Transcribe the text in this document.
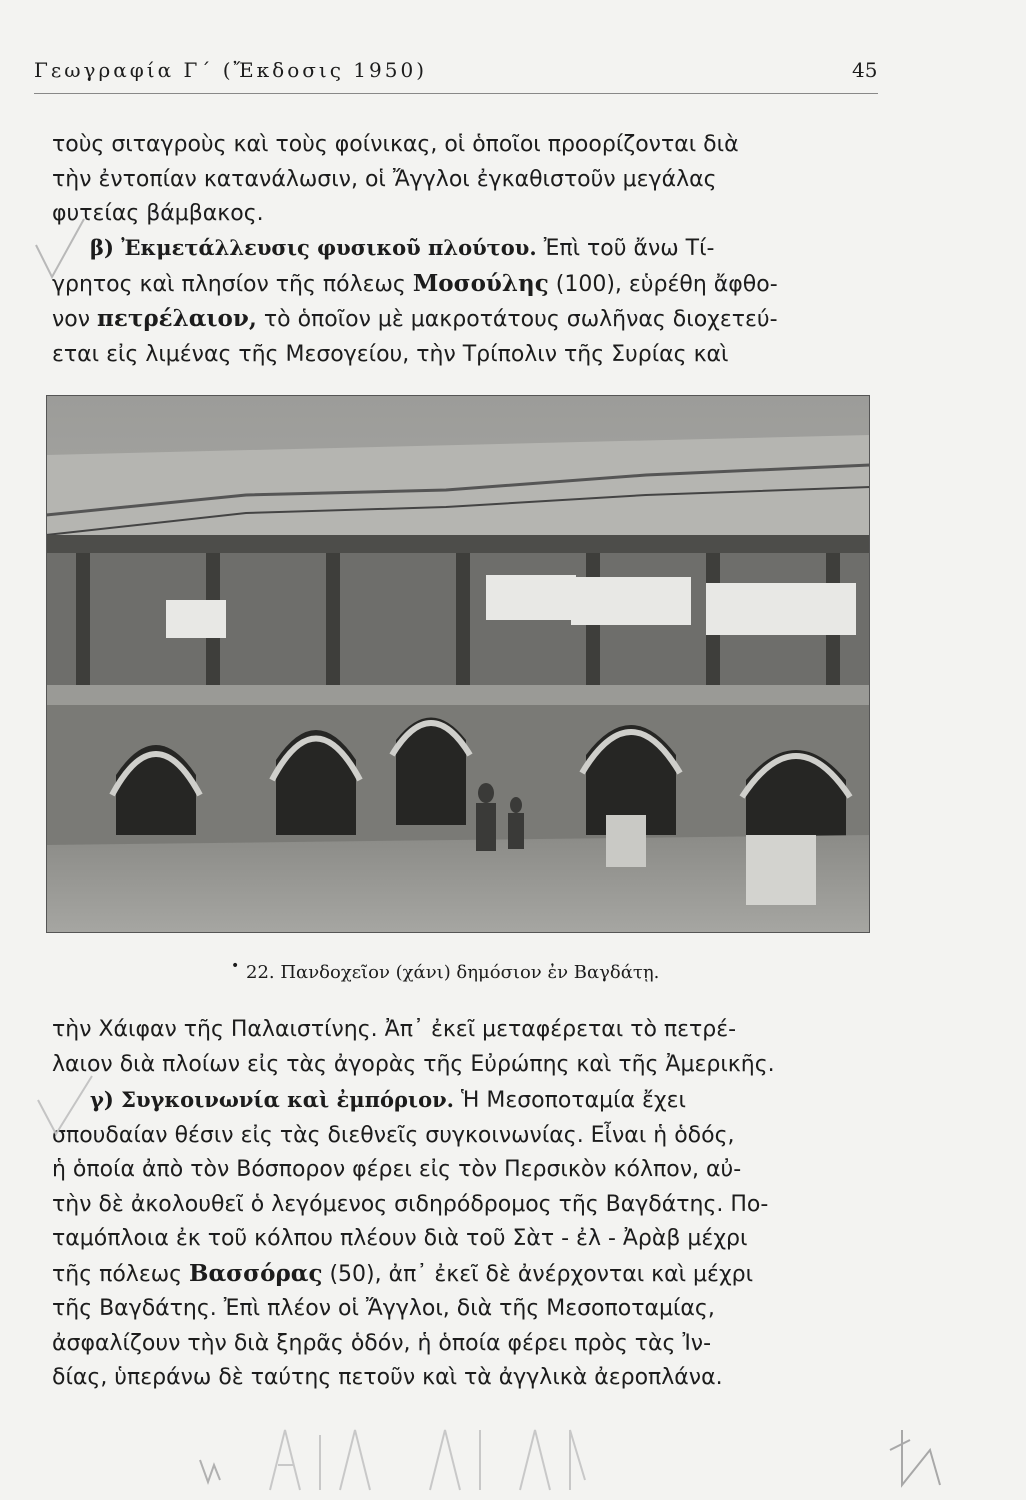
Γεωγραφία Γ΄ (Ἔκδοσις 1950)	45
τοὺς σιταγροὺς καὶ τοὺς φοίνικας, οἱ ὁποῖοι προορίζονται διὰ
τὴν ἐντοπίαν κατανάλωσιν, οἱ Ἄγγλοι ἐγκαθιστοῦν μεγάλας
φυτείας βάμβακος.
β) Ἐκμετάλλευσις φυσικοῦ πλούτου. Ἐπὶ τοῦ ἄνω Τί-
γρητος καὶ πλησίον τῆς πόλεως Μοσούλης (100), εὑρέθη ἄφθο-
νον πετρέλαιον, τὸ ὁποῖον μὲ μακροτάτους σωλῆνας διοχετεύ-
εται εἰς λιμένας τῆς Μεσογείου, τὴν Τρίπολιν τῆς Συρίας καὶ
• 22. Πανδοχεῖον (χάνι) δημόσιον ἐν Βαγδάτῃ.
τὴν Χάιφαν τῆς Παλαιστίνης. Ἀπ᾿ ἐκεῖ μεταφέρεται τὸ πετρέ-
λαιον διὰ πλοίων εἰς τὰς ἀγορὰς τῆς Εὐρώπης καὶ τῆς Ἀμερικῆς.
γ) Συγκοινωνία καὶ ἐμπόριον. Ἡ Μεσοποταμία ἔχει
σπουδαίαν θέσιν εἰς τὰς διεθνεῖς συγκοινωνίας. Εἶναι ἡ ὁδός,
ἡ ὁποία ἀπὸ τὸν Βόσπορον φέρει εἰς τὸν Περσικὸν κόλπον, αὐ-
τὴν δὲ ἀκολουθεῖ ὁ λεγόμενος σιδηρόδρομος τῆς Βαγδάτης. Πο-
ταμόπλοια ἐκ τοῦ κόλπου πλέουν διὰ τοῦ Σὰτ - ἐλ - Ἀρὰβ μέχρι
τῆς πόλεως Βασσόρας (50), ἀπ᾿ ἐκεῖ δὲ ἀνέρχονται καὶ μέχρι
τῆς Βαγδάτης. Ἐπὶ πλέον οἱ Ἄγγλοι, διὰ τῆς Μεσοποταμίας,
ἀσφαλίζουν τὴν διὰ ξηρᾶς ὁδόν, ἡ ὁποία φέρει πρὸς τὰς Ἰν-
δίας, ὑπεράνω δὲ ταύτης πετοῦν καὶ τὰ ἀγγλικὰ ἀεροπλάνα.
